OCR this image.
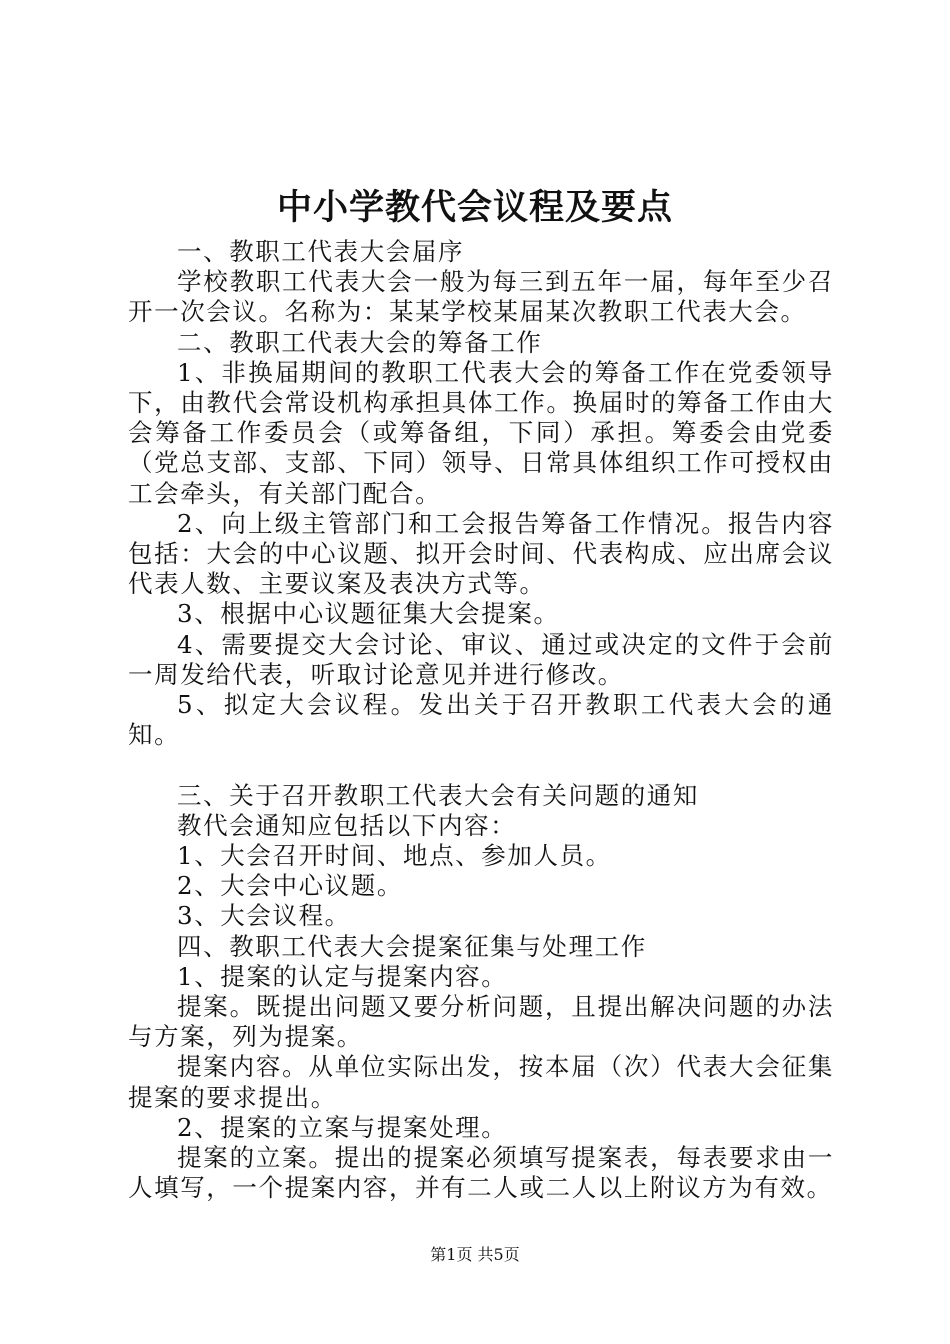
中小学教代会议程及要点

一、教职工代表大会届序

学校教职工代表大会一般为每三到五年一届，每年至少召开一次会议。名称为：某某学校某届某次教职工代表大会。

二、教职工代表大会的筹备工作

1、非换届期间的教职工代表大会的筹备工作在党委领导下，由教代会常设机构承担具体工作。换届时的筹备工作由大会筹备工作委员会（或筹备组，下同）承担。筹委会由党委（党总支部、支部、下同）领导、日常具体组织工作可授权由工会牵头，有关部门配合。

2、向上级主管部门和工会报告筹备工作情况。报告内容包括：大会的中心议题、拟开会时间、代表构成、应出席会议代表人数、主要议案及表决方式等。

3、根据中心议题征集大会提案。

4、需要提交大会讨论、审议、通过或决定的文件于会前一周发给代表，听取讨论意见并进行修改。

5、拟定大会议程。发出关于召开教职工代表大会的通知。

三、关于召开教职工代表大会有关问题的通知

教代会通知应包括以下内容：

1、大会召开时间、地点、参加人员。

2、大会中心议题。

3、大会议程。

四、教职工代表大会提案征集与处理工作

1、提案的认定与提案内容。

提案。既提出问题又要分析问题，且提出解决问题的办法与方案，列为提案。

提案内容。从单位实际出发，按本届（次）代表大会征集提案的要求提出。

2、提案的立案与提案处理。

提案的立案。提出的提案必须填写提案表，每表要求由一人填写，一个提案内容，并有二人或二人以上附议方为有效。

第1页 共5页
